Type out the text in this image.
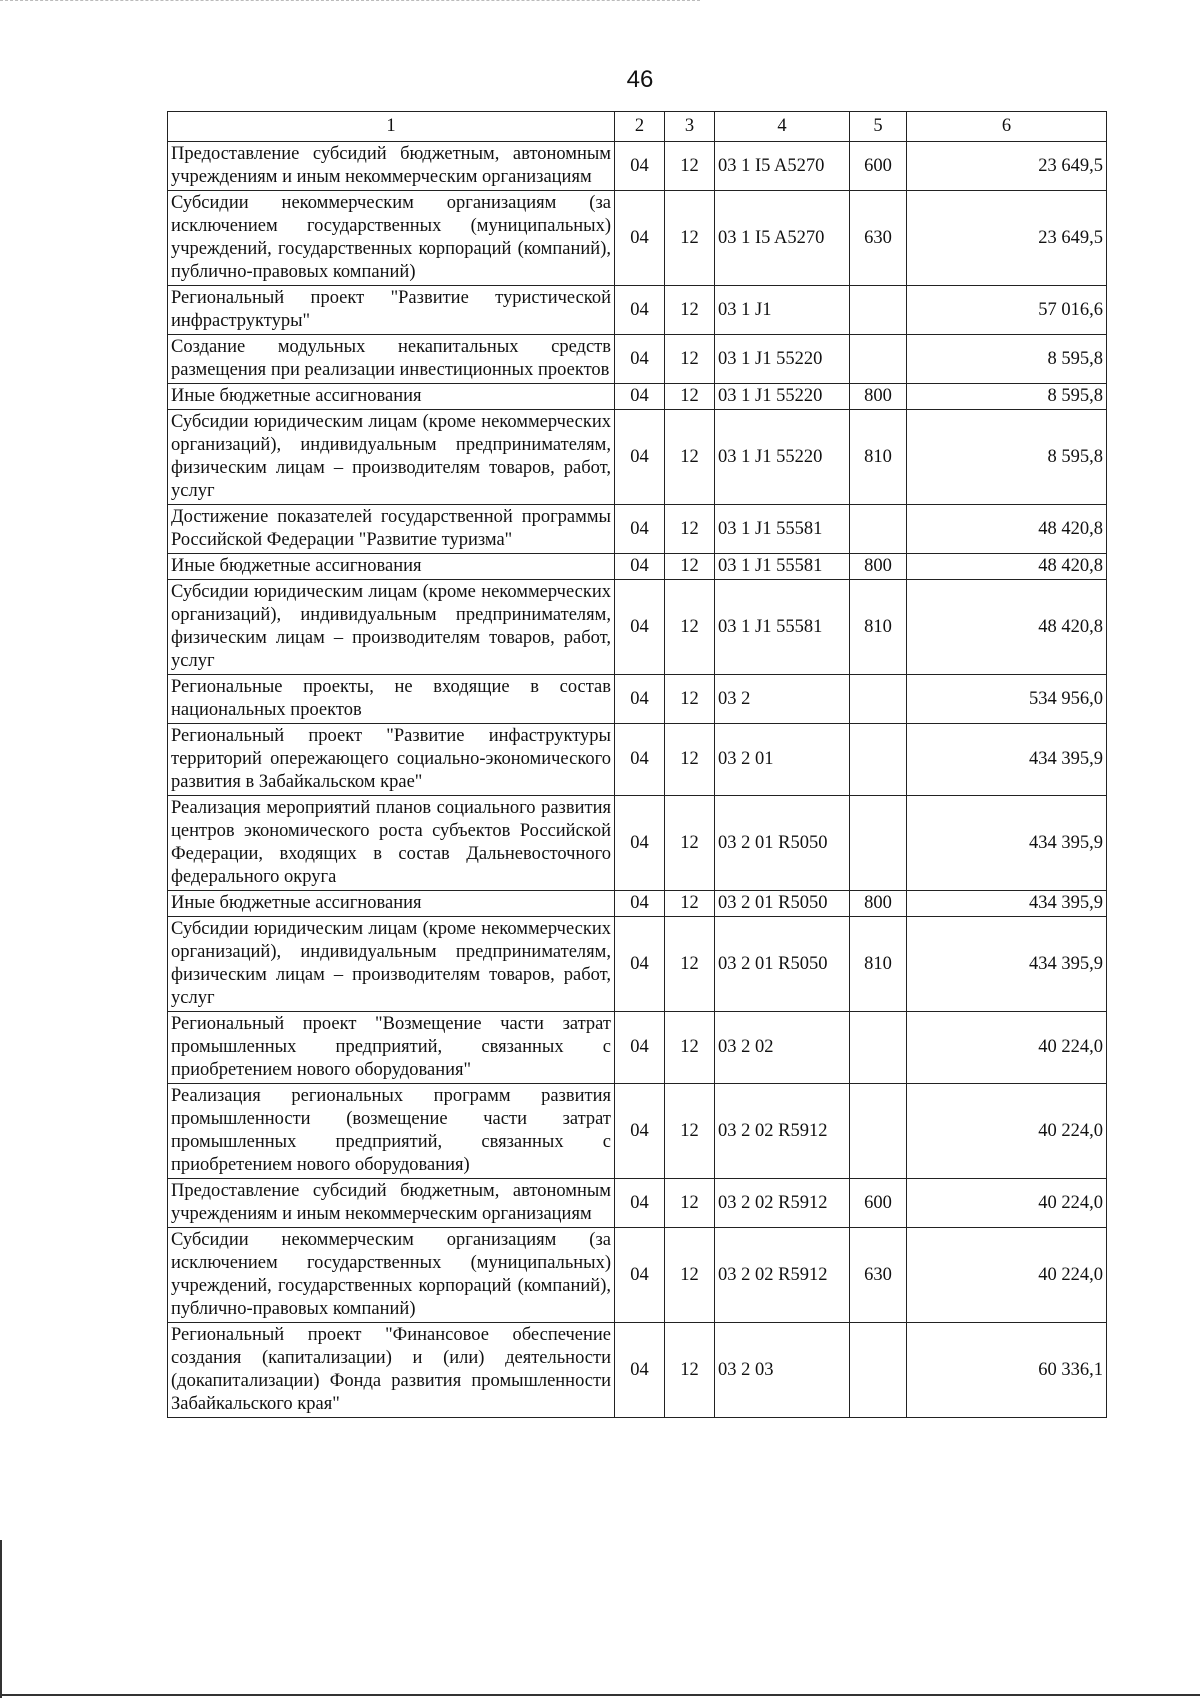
46
1	2	3	4	5	6
Предоставление субсидий бюджетным, автономным учреждениям и иным некоммерческим организациям	04	12	03 1 I5 A5270	600	23 649,5
Субсидии некоммерческим организациям (за исключением государственных (муниципальных) учреждений, государственных корпораций (компаний), публично-правовых компаний)	04	12	03 1 I5 A5270	630	23 649,5
Региональный проект "Развитие туристической инфраструктуры"	04	12	03 1 J1		57 016,6
Создание модульных некапитальных средств размещения при реализации инвестиционных проектов	04	12	03 1 J1 55220		8 595,8
Иные бюджетные ассигнования	04	12	03 1 J1 55220	800	8 595,8
Субсидии юридическим лицам (кроме некоммерческих организаций), индивидуальным предпринимателям, физическим лицам – производителям товаров, работ, услуг	04	12	03 1 J1 55220	810	8 595,8
Достижение показателей государственной программы Российской Федерации "Развитие туризма"	04	12	03 1 J1 55581		48 420,8
Иные бюджетные ассигнования	04	12	03 1 J1 55581	800	48 420,8
Субсидии юридическим лицам (кроме некоммерческих организаций), индивидуальным предпринимателям, физическим лицам – производителям товаров, работ, услуг	04	12	03 1 J1 55581	810	48 420,8
Региональные проекты, не входящие в состав национальных проектов	04	12	03 2		534 956,0
Региональный проект "Развитие инфаструктуры территорий опережающего социально-экономического развития в Забайкальском крае"	04	12	03 2 01		434 395,9
Реализация мероприятий планов социального развития центров экономического роста субъектов Российской Федерации, входящих в состав Дальневосточного федерального округа	04	12	03 2 01 R5050		434 395,9
Иные бюджетные ассигнования	04	12	03 2 01 R5050	800	434 395,9
Субсидии юридическим лицам (кроме некоммерческих организаций), индивидуальным предпринимателям, физическим лицам – производителям товаров, работ, услуг	04	12	03 2 01 R5050	810	434 395,9
Региональный проект "Возмещение части затрат промышленных предприятий, связанных с приобретением нового оборудования"	04	12	03 2 02		40 224,0
Реализация региональных программ развития промышленности (возмещение части затрат промышленных предприятий, связанных с приобретением нового оборудования)	04	12	03 2 02 R5912		40 224,0
Предоставление субсидий бюджетным, автономным учреждениям и иным некоммерческим организациям	04	12	03 2 02 R5912	600	40 224,0
Субсидии некоммерческим организациям (за исключением государственных (муниципальных) учреждений, государственных корпораций (компаний), публично-правовых компаний)	04	12	03 2 02 R5912	630	40 224,0
Региональный проект "Финансовое обеспечение создания (капитализации) и (или) деятельности (докапитализации) Фонда развития промышленности Забайкальского края"	04	12	03 2 03		60 336,1
